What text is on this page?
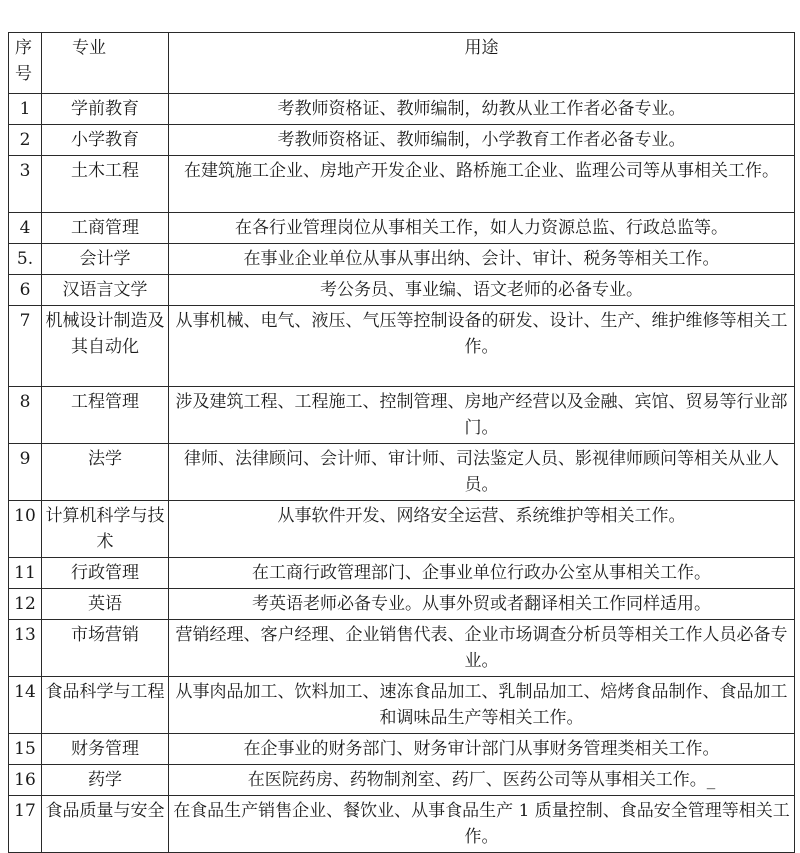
序号	专业	用途
1	学前教育	考教师资格证、教师编制，幼教从业工作者必备专业。
2	小学教育	考教师资格证、教师编制，小学教育工作者必备专业。
3	土木工程	在建筑施工企业、房地产开发企业、路桥施工企业、监理公司等从事相关工作。
4	工商管理	在各行业管理岗位从事相关工作，如人力资源总监、行政总监等。
5.	会计学	在事业企业单位从事从事出纳、会计、审计、税务等相关工作。
6	汉语言文学	考公务员、事业编、语文老师的必备专业。
7	机械设计制造及其自动化	从事机械、电气、液压、气压等控制设备的研发、设计、生产、维护维修等相关工作。
8	工程管理	涉及建筑工程、工程施工、控制管理、房地产经营以及金融、宾馆、贸易等行业部门。
9	法学	律师、法律顾问、会计师、审计师、司法鉴定人员、影视律师顾问等相关从业人员。
10	计算机科学与技术	从事软件开发、网络安全运营、系统维护等相关工作。
11	行政管理	在工商行政管理部门、企事业单位行政办公室从事相关工作。
12	英语	考英语老师必备专业。从事外贸或者翻译相关工作同样适用。
13	市场营销	营销经理、客户经理、企业销售代表、企业市场调查分析员等相关工作人员必备专业。
14	食品科学与工程	从事肉品加工、饮料加工、速冻食品加工、乳制品加工、焙烤食品制作、食品加工和调味品生产等相关工作。
15	财务管理	在企事业的财务部门、财务审计部门从事财务管理类相关工作。
16	药学	在医院药房、药物制剂室、药厂、医药公司等从事相关工作。_
17	食品质量与安全	在食品生产销售企业、餐饮业、从事食品生产 1 质量控制、食品安全管理等相关工作。
